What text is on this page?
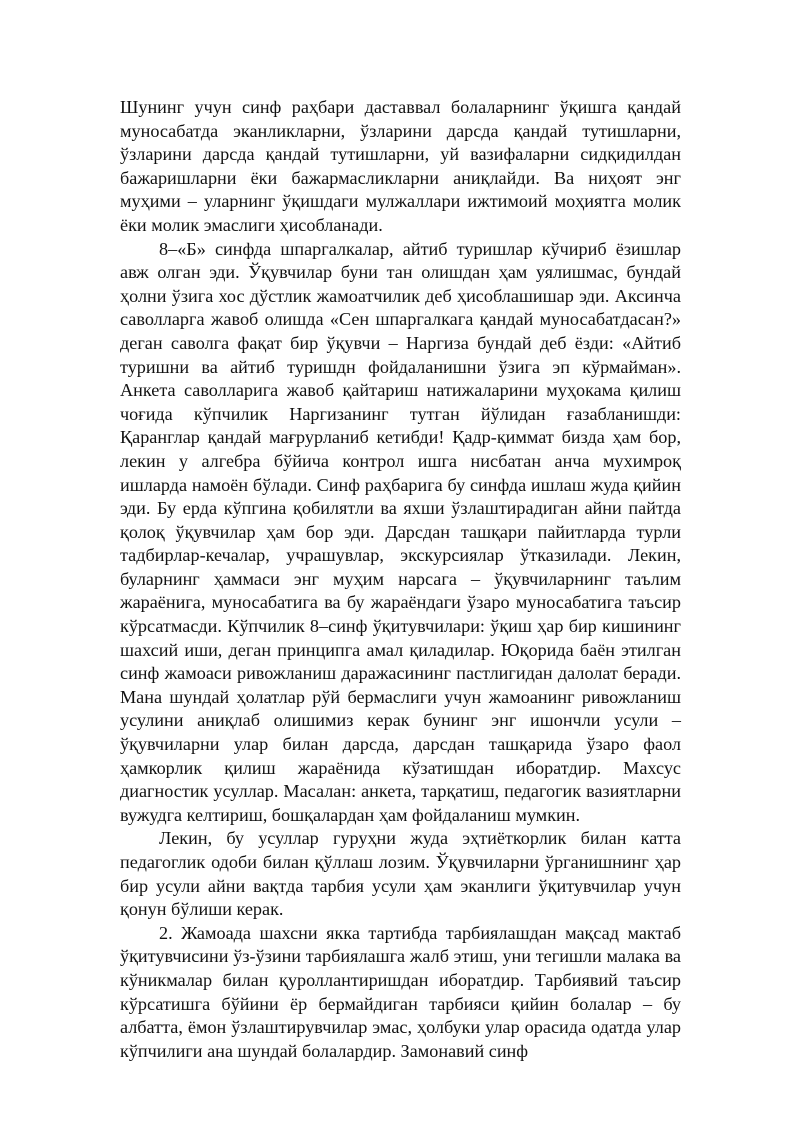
Шунинг учун синф раҳбари даставвал болаларнинг ўқишга қандай муносабатда эканликларни, ўзларини дарсда қандай тутишларни, ўзларини дарсда қандай тутишларни, уй вазифаларни сидқидилдан бажаришларни ёки бажармасликларни аниқлайди. Ва ниҳоят энг муҳими – уларнинг ўқишдаги мулжаллари ижтимоий моҳиятга молик ёки молик эмаслиги ҳисобланади.

8–«Б» синфда шпаргалкалар, айтиб туришлар кўчириб ёзишлар авж олган эди. Ўқувчилар буни тан олишдан ҳам уялишмас, бундай ҳолни ўзига хос дўстлик жамоатчилик деб ҳисоблашишар эди. Аксинча саволларга жавоб олишда «Сен шпаргалкага қандай муносабатдасан?» деган саволга фақат бир ўқувчи – Наргиза бундай деб ёзди: «Айтиб туришни ва айтиб туришдн фойдаланишни ўзига эп кўрмайман». Анкета саволларига жавоб қайтариш натижаларини муҳокама қилиш чоғида кўпчилик Наргизанинг тутган йўлидан ғазабланишди: Қаранглар қандай мағрурланиб кетибди! Қадр-қиммат бизда ҳам бор, лекин у алгебра бўйича контрол ишга нисбатан анча мухимроқ ишларда намоён бўлади. Синф раҳбарига бу синфда ишлаш жуда қийин эди. Бу ерда кўпгина қобилятли ва яхши ўзлаштирадиган айни пайтда қолоқ ўқувчилар ҳам бор эди. Дарсдан ташқари пайитларда турли тадбирлар-кечалар, учрашувлар, экскурсиялар ўтказилади. Лекин, буларнинг ҳаммаси энг муҳим нарсага – ўқувчиларнинг таълим жараёнига, муносабатига ва бу жараёндаги ўзаро муносабатига таъсир кўрсатмасди. Кўпчилик 8–синф ўқитувчилари: ўқиш ҳар бир кишининг шахсий иши, деган принципга амал қиладилар. Юқорида баён этилган синф жамоаси ривожланиш даражасининг пастлигидан далолат беради. Мана шундай ҳолатлар рўй бермаслиги учун жамоанинг ривожланиш усулини аниқлаб олишимиз керак бунинг энг ишончли усули – ўқувчиларни улар билан дарсда, дарсдан ташқарида ўзаро фаол ҳамкорлик қилиш жараёнида кўзатишдан иборатдир. Махсус диагностик усуллар. Масалан: анкета, тарқатиш, педагогик вазиятларни вужудга келтириш, бошқалардан ҳам фойдаланиш мумкин.

Лекин, бу усуллар гуруҳни жуда эҳтиёткорлик билан катта педагоглик одоби билан қўллаш лозим. Ўқувчиларни ўрганишнинг ҳар бир усули айни вақтда тарбия усули ҳам эканлиги ўқитувчилар учун қонун бўлиши керак.

2. Жамоада шахсни якка тартибда тарбиялашдан мақсад мактаб ўқитувчисини ўз-ўзини тарбиялашга жалб этиш, уни тегишли малака ва кўникмалар билан қуроллантиришдан иборатдир. Тарбиявий таъсир кўрсатишга бўйини ёр бермайдиган тарбияси қийин болалар – бу албатта, ёмон ўзлаштирувчилар эмас, ҳолбуки улар орасида одатда улар кўпчилиги ана шундай болалардир. Замонавий синф
